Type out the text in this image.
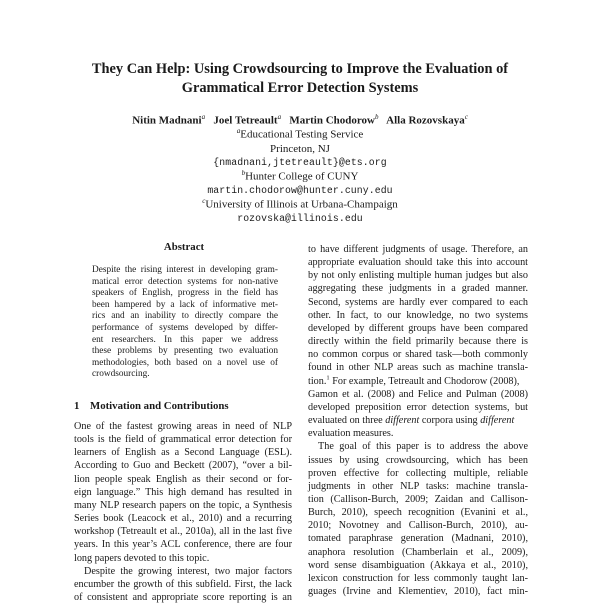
They Can Help: Using Crowdsourcing to Improve the Evaluation of
Grammatical Error Detection Systems
Nitin Madnani$^a$ Joel Tetreault$^a$ Martin Chodorow$^b$ Alla Rozovskaya$^c$
$^a$Educational Testing Service
Princeton, NJ
{nmadnani,jtetreault}@ets.org
$^b$Hunter College of CUNY
martin.chodorow@hunter.cuny.edu
$^c$University of Illinois at Urbana-Champaign
rozovska@illinois.edu
Abstract
Despite the rising interest in developing gram-
matical error detection systems for non-native
speakers of English, progress in the field has
been hampered by a lack of informative met-
rics and an inability to directly compare the
performance of systems developed by differ-
ent researchers. In this paper we address
these problems by presenting two evaluation
methodologies, both based on a novel use of
crowdsourcing.
1 Motivation and Contributions
One of the fastest growing areas in need of NLP
tools is the field of grammatical error detection for
learners of English as a Second Language (ESL).
According to Guo and Beckett (2007), “over a bil-
lion people speak English as their second or for-
eign language.” This high demand has resulted in
many NLP research papers on the topic, a Synthesis
Series book (Leacock et al., 2010) and a recurring
workshop (Tetreault et al., 2010a), all in the last five
years. In this year’s ACL conference, there are four
long papers devoted to this topic.
Despite the growing interest, two major factors
encumber the growth of this subfield. First, the lack
of consistent and appropriate score reporting is an
to have different judgments of usage. Therefore, an
appropriate evaluation should take this into account
by not only enlisting multiple human judges but also
aggregating these judgments in a graded manner.
Second, systems are hardly ever compared to each
other. In fact, to our knowledge, no two systems
developed by different groups have been compared
directly within the field primarily because there is
no common corpus or shared task—both commonly
found in other NLP areas such as machine transla-
tion.$^1$ For example, Tetreault and Chodorow (2008),
Gamon et al. (2008) and Felice and Pulman (2008)
developed preposition error detection systems, but
evaluated on three different corpora using different
evaluation measures.
The goal of this paper is to address the above
issues by using crowdsourcing, which has been
proven effective for collecting multiple, reliable
judgments in other NLP tasks: machine transla-
tion (Callison-Burch, 2009; Zaidan and Callison-
Burch, 2010), speech recognition (Evanini et al.,
2010; Novotney and Callison-Burch, 2010), au-
tomated paraphrase generation (Madnani, 2010),
anaphora resolution (Chamberlain et al., 2009),
word sense disambiguation (Akkaya et al., 2010),
lexicon construction for less commonly taught lan-
guages (Irvine and Klementiev, 2010), fact min-
